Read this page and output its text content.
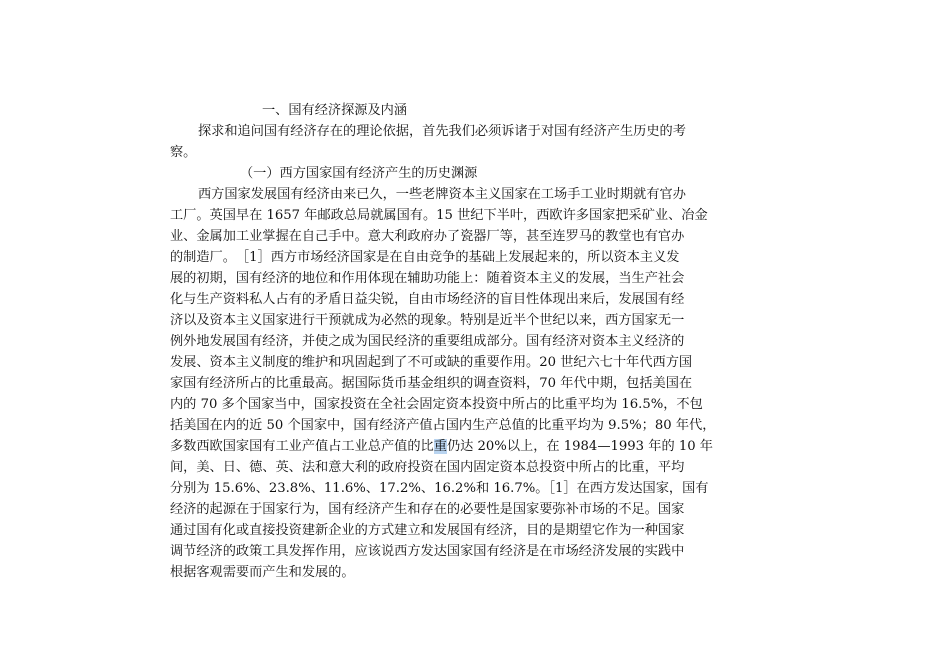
一、国有经济探源及内涵
探求和追问国有经济存在的理论依据，首先我们必须诉诸于对国有经济产生历史的考
察。
（一）西方国家国有经济产生的历史渊源
西方国家发展国有经济由来已久，一些老牌资本主义国家在工场手工业时期就有官办
工厂。英国早在 1657 年邮政总局就属国有。15 世纪下半叶，西欧许多国家把采矿业、冶金
业、金属加工业掌握在自己手中。意大利政府办了瓷器厂等，甚至连罗马的教堂也有官办
的制造厂。　［1］西方市场经济国家是在自由竞争的基础上发展起来的，所以资本主义发
展的初期，国有经济的地位和作用体现在辅助功能上：随着资本主义的发展，当生产社会
化与生产资料私人占有的矛盾日益尖锐，自由市场经济的盲目性体现出来后，发展国有经
济以及资本主义国家进行干预就成为必然的现象。特别是近半个世纪以来，西方国家无一
例外地发展国有经济，并使之成为国民经济的重要组成部分。国有经济对资本主义经济的
发展、资本主义制度的维护和巩固起到了不可或缺的重要作用。20 世纪六七十年代西方国
家国有经济所占的比重最高。据国际货币基金组织的调查资料，70 年代中期，包括美国在
内的 70 多个国家当中，国家投资在全社会固定资本投资中所占的比重平均为 16.5%，不包
括美国在内的近 50 个国家中，国有经济产值占国内生产总值的比重平均为 9.5%；80 年代，
多数西欧国家国有工业产值占工业总产值的比重仍达 20%以上，在 1984—1993 年的 10 年
间，美、日、德、英、法和意大利的政府投资在国内固定资本总投资中所占的比重，平均
分别为 15.6%、23.8%、11.6%、17.2%、16.2%和 16.7%。［1］在西方发达国家，国有
经济的起源在于国家行为，国有经济产生和存在的必要性是国家要弥补市场的不足。国家
通过国有化或直接投资建新企业的方式建立和发展国有经济，目的是期望它作为一种国家
调节经济的政策工具发挥作用，应该说西方发达国家国有经济是在市场经济发展的实践中
根据客观需要而产生和发展的。
